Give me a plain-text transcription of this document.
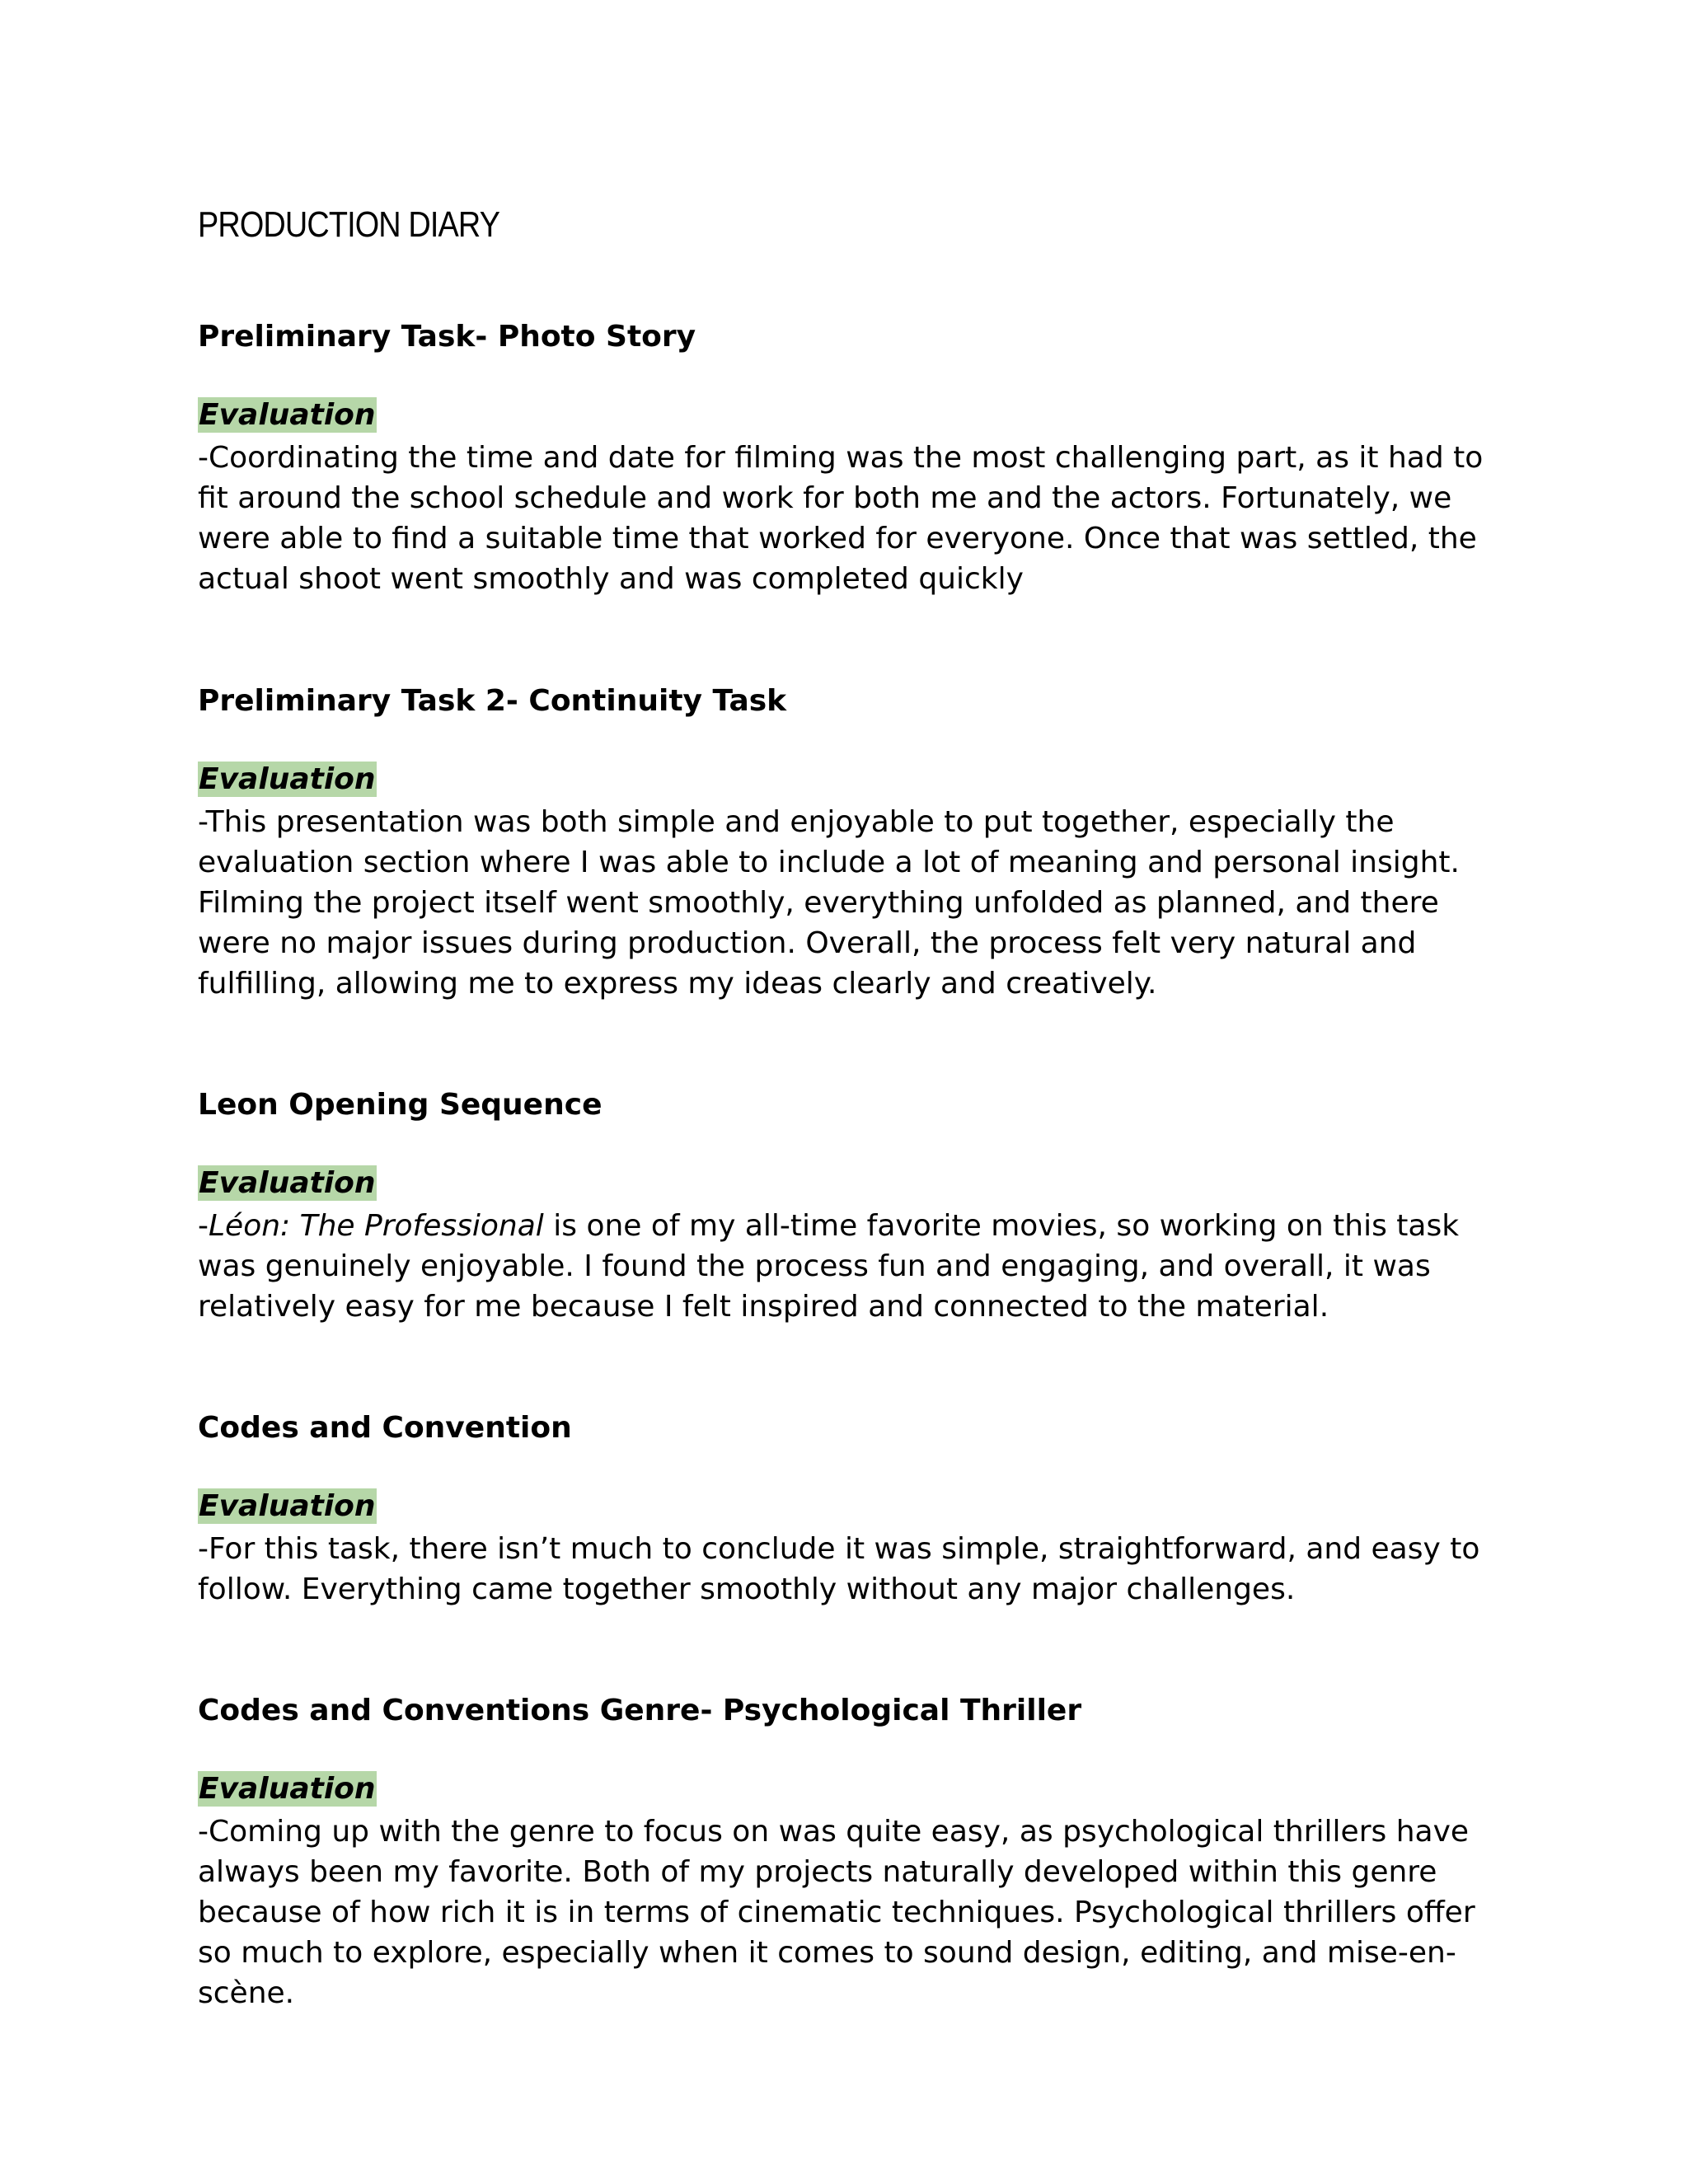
PRODUCTION DIARY
Preliminary Task- Photo Story
Evaluation

-Coordinating the time and date for filming was the most challenging part, as it had to fit around the school schedule and work for both me and the actors. Fortunately, we were able to find a suitable time that worked for everyone. Once that was settled, the actual shoot went smoothly and was completed quickly

Preliminary Task 2- Continuity Task
Evaluation

-This presentation was both simple and enjoyable to put together, especially the evaluation section where I was able to include a lot of meaning and personal insight. Filming the project itself went smoothly, everything unfolded as planned, and there were no major issues during production. Overall, the process felt very natural and fulfilling, allowing me to express my ideas clearly and creatively.

Leon Opening Sequence
Evaluation

-Léon: The Professional is one of my all-time favorite movies, so working on this task was genuinely enjoyable. I found the process fun and engaging, and overall, it was relatively easy for me because I felt inspired and connected to the material.

Codes and Convention
Evaluation

-For this task, there isn’t much to conclude it was simple, straightforward, and easy to follow. Everything came together smoothly without any major challenges.

Codes and Conventions Genre- Psychological Thriller
Evaluation

-Coming up with the genre to focus on was quite easy, as psychological thrillers have always been my favorite. Both of my projects naturally developed within this genre because of how rich it is in terms of cinematic techniques. Psychological thrillers offer so much to explore, especially when it comes to sound design, editing, and mise-en-scène.
